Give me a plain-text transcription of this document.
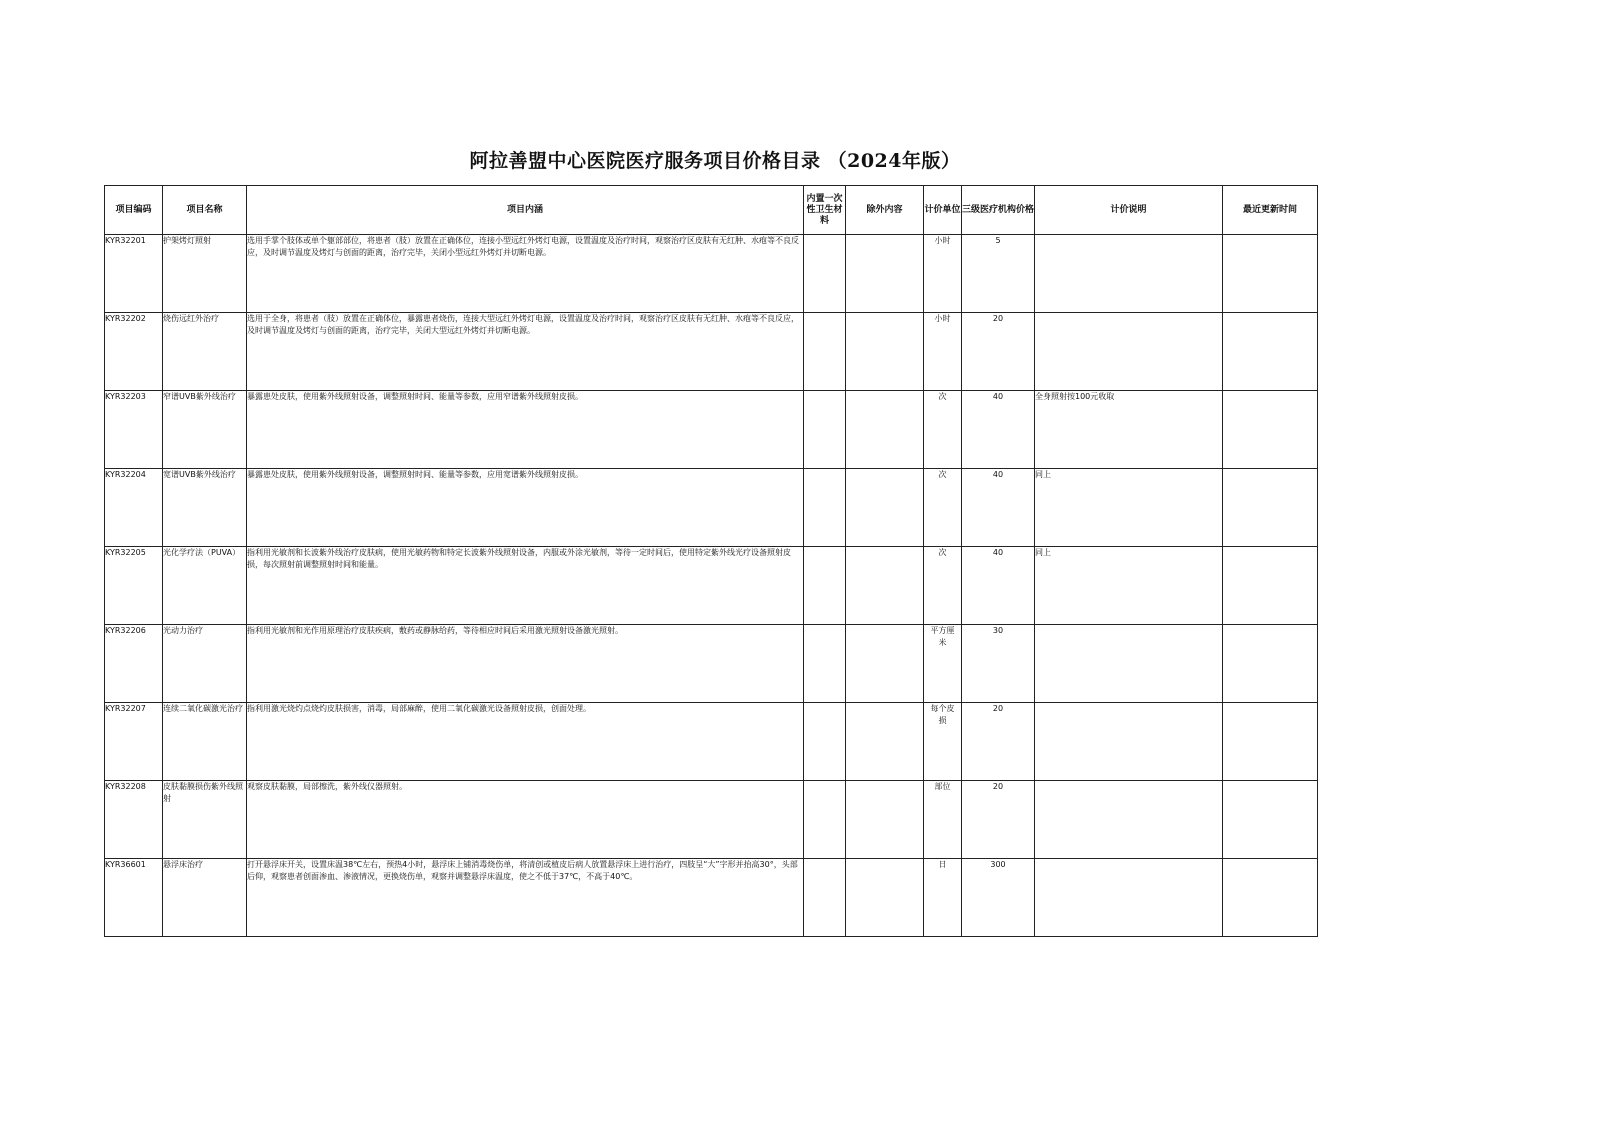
阿拉善盟中心医院医疗服务项目价格目录 （2024年版）
项目编码	项目名称	项目内涵	内置一次性卫生材料	除外内容	计价单位	三级医疗机构价格	计价说明	最近更新时间
KYR32201	护架烤灯照射	选用手掌个肢体或单个躯部部位，将患者（肢）放置在正确体位，连接小型远红外烤灯电源，设置温度及治疗时间，观察治疗区皮肤有无红肿、水疱等不良反应，及时调节温度及烤灯与创面的距离，治疗完毕，关闭小型远红外烤灯并切断电源。			小时	5		
KYR32202	烧伤远红外治疗	选用于全身，将患者（肢）放置在正确体位，暴露患者烧伤，连接大型远红外烤灯电源，设置温度及治疗时间，观察治疗区皮肤有无红肿、水疱等不良反应，及时调节温度及烤灯与创面的距离，治疗完毕，关闭大型远红外烤灯并切断电源。			小时	20		
KYR32203	窄谱UVB紫外线治疗	暴露患处皮肤，使用紫外线照射设备，调整照射时间、能量等参数，应用窄谱紫外线照射皮损。			次	40	全身照射按100元收取	
KYR32204	宽谱UVB紫外线治疗	暴露患处皮肤，使用紫外线照射设备，调整照射时间、能量等参数，应用宽谱紫外线照射皮损。			次	40	同上	
KYR32205	光化学疗法（PUVA）	指利用光敏剂和长波紫外线治疗皮肤病，使用光敏药物和特定长波紫外线照射设备，内服或外涂光敏剂，等待一定时间后，使用特定紫外线光疗设备照射皮损，每次照射前调整照射时间和能量。			次	40	同上	
KYR32206	光动力治疗	指利用光敏剂和光作用原理治疗皮肤疾病，敷药或静脉给药，等待相应时间后采用激光照射设备激光照射。			平方厘米	30		
KYR32207	连续二氧化碳激光治疗	指利用激光烧灼点烧灼皮肤损害，消毒，局部麻醉，使用二氧化碳激光设备照射皮损，创面处理。			每个皮损	20		
KYR32208	皮肤黏膜损伤紫外线照射	观察皮肤黏膜，局部擦洗，紫外线仪器照射。			部位	20		
KYR36601	悬浮床治疗	打开悬浮床开关，设置床温38℃左右，预热4小时，悬浮床上铺消毒烧伤单，将清创或植皮后病人放置悬浮床上进行治疗，四肢呈“大”字形并抬高30°，头部后仰，观察患者创面渗血、渗液情况，更换烧伤单，观察并调整悬浮床温度，使之不低于37℃，不高于40℃。			日	300		
